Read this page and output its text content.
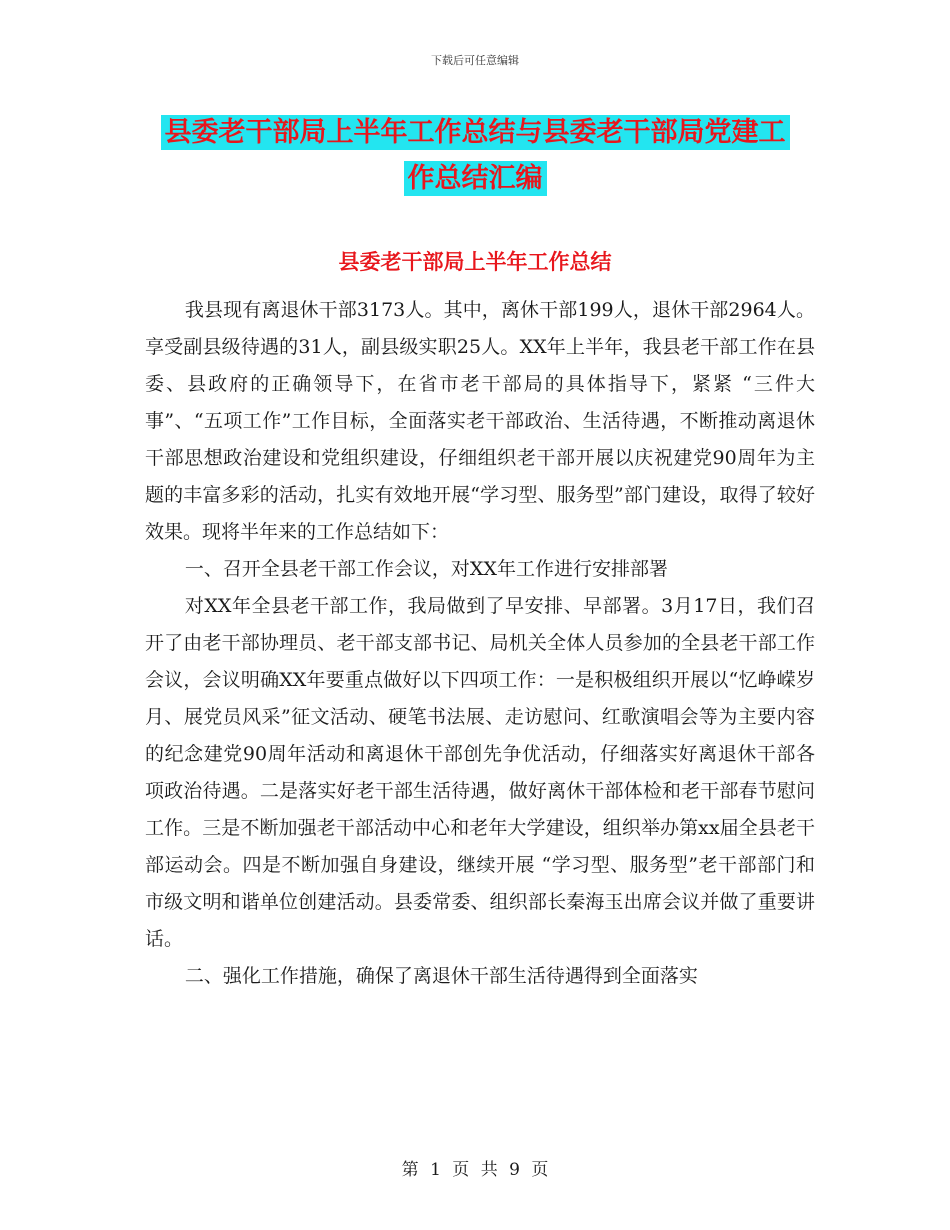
下载后可任意编辑
县委老干部局上半年工作总结与县委老干部局党建工
作总结汇编
县委老干部局上半年工作总结

我县现有离退休干部3173人。其中，离休干部199人，退休干部2964人。享受副县级待遇的31人，副县级实职25人。XX年上半年，我县老干部工作在县委、县政府的正确领导下，在省市老干部局的具体指导下，紧紧 “三件大事”、“五项工作”工作目标，全面落实老干部政治、生活待遇，不断推动离退休干部思想政治建设和党组织建设，仔细组织老干部开展以庆祝建党90周年为主题的丰富多彩的活动，扎实有效地开展“学习型、服务型”部门建设，取得了较好效果。现将半年来的工作总结如下：

一、召开全县老干部工作会议，对XX年工作进行安排部署

对XX年全县老干部工作，我局做到了早安排、早部署。3月17日，我们召开了由老干部协理员、老干部支部书记、局机关全体人员参加的全县老干部工作会议，会议明确XX年要重点做好以下四项工作：一是积极组织开展以“忆峥嵘岁月、展党员风采”征文活动、硬笔书法展、走访慰问、红歌演唱会等为主要内容的纪念建党90周年活动和离退休干部创先争优活动，仔细落实好离退休干部各项政治待遇。二是落实好老干部生活待遇，做好离休干部体检和老干部春节慰问工作。三是不断加强老干部活动中心和老年大学建设，组织举办第xx届全县老干部运动会。四是不断加强自身建设，继续开展 “学习型、服务型”老干部部门和市级文明和谐单位创建活动。县委常委、组织部长秦海玉出席会议并做了重要讲话。

二、强化工作措施，确保了离退休干部生活待遇得到全面落实

第 1 页 共 9 页
